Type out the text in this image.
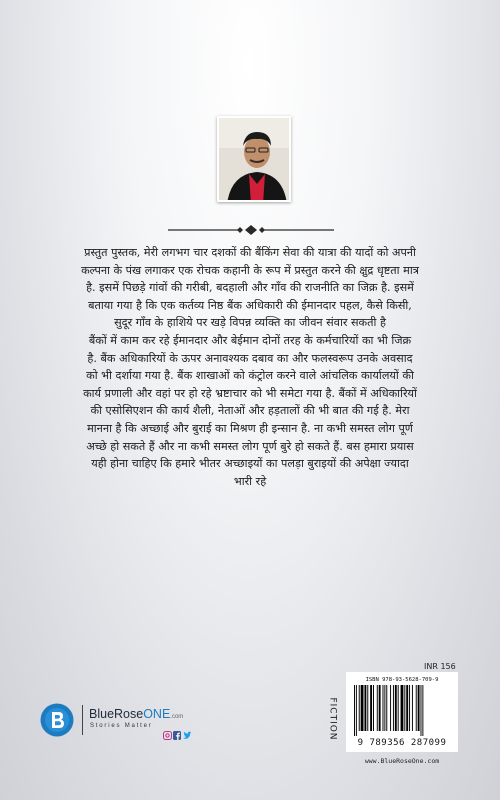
प्रस्तुत पुस्तक, मेरी लगभग चार दशकों की बैंकिंग सेवा की यात्रा की यादों को अपनी
कल्पना के पंख लगाकर एक रोचक कहानी के रूप में प्रस्तुत करने की क्षुद्र धृष्टता मात्र
है. इसमें पिछड़े गांवों की गरीबी, बदहाली और गाँव की राजनीति का जिक्र है. इसमें
बताया गया है कि एक कर्तव्य निष्ठ बैंक अधिकारी की ईमानदार पहल, कैसे किसी,
सुदूर गाँव के हाशिये पर खड़े विपन्न व्यक्ति का जीवन संवार सकती है
बैंकों में काम कर रहे ईमानदार और बेईमान दोनों तरह के कर्मचारियों का भी जिक्र
है. बैंक अधिकारियों के ऊपर अनावश्यक दबाव का और फलस्वरूप उनके अवसाद
को भी दर्शाया गया है. बैंक शाखाओं को कंट्रोल करने वाले आंचलिक कार्यालयों की
कार्य प्रणाली और वहां पर हो रहे भ्रष्टाचार को भी समेटा गया है. बैंकों में अधिकारियों
की एसोसिएशन की कार्य शैली, नेताओं और हड़तालों की भी बात की गई है. मेरा
मानना है कि अच्छाई और बुराई का मिश्रण ही इन्सान है. ना कभी समस्त लोग पूर्ण
अच्छे हो सकते हैं और ना कभी समस्त लोग पूर्ण बुरे हो सकते हैं. बस हमारा प्रयास
यही होना चाहिए कि हमारे भीतर अच्छाइयों का पलड़ा बुराइयों की अपेक्षा ज्यादा
भारी रहे

INR 156
FICTION
ISBN 978-93-5628-709-9
9 789356 287099
www.BlueRoseOne.com
BlueRoseONE.com
Stories Matter
